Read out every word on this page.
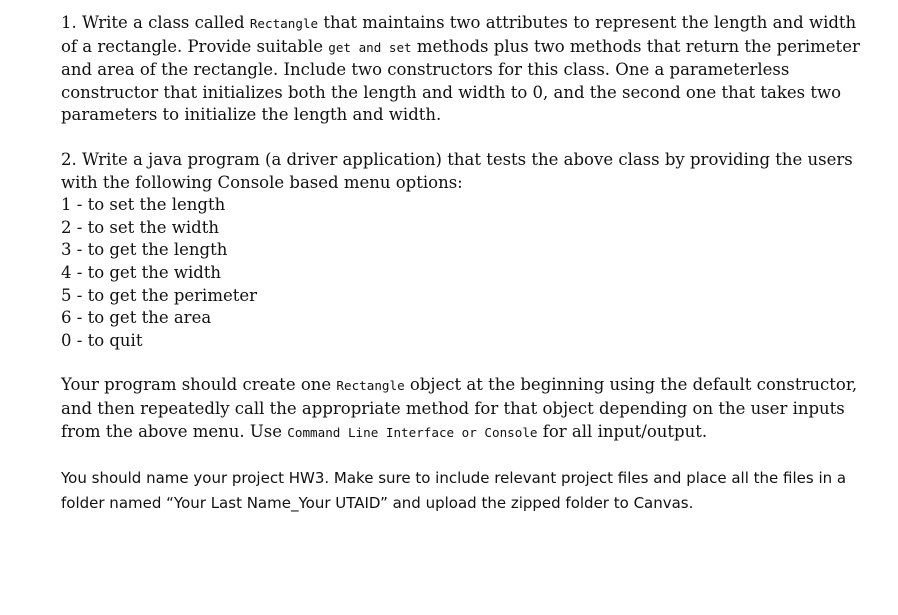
1. Write a class called Rectangle that maintains two attributes to represent the length and width of a rectangle. Provide suitable get and set methods plus two methods that return the perimeter and area of the rectangle. Include two constructors for this class. One a parameterless constructor that initializes both the length and width to 0, and the second one that takes two parameters to initialize the length and width.

2. Write a java program (a driver application) that tests the above class by providing the users with the following Console based menu options:

1 - to set the length
2 - to set the width
3 - to get the length
4 - to get the width
5 - to get the perimeter
6 - to get the area
0 - to quit

Your program should create one Rectangle object at the beginning using the default constructor, and then repeatedly call the appropriate method for that object depending on the user inputs from the above menu. Use Command Line Interface or Console for all input/output.

You should name your project HW3. Make sure to include relevant project files and place all the files in a folder named “Your Last Name_Your UTAID” and upload the zipped folder to Canvas.
